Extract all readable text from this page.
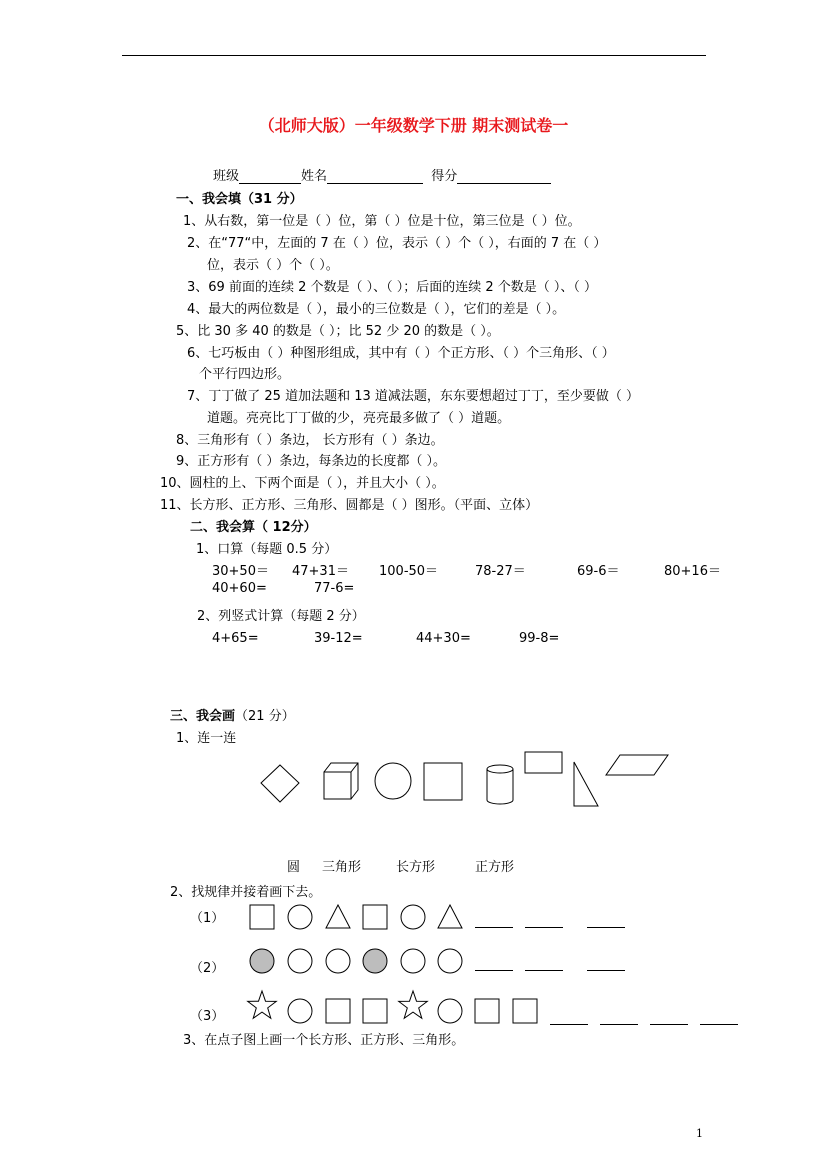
（北师大版）一年级数学下册 期末测试卷一
班级	姓名	得分
一、我会填（31 分）
1、从右数，第一位是（ ）位，第（ ）位是十位，第三位是（ ）位。
2、在“77“中，左面的 7 在（ ）位，表示（ ）个（ ），右面的 7 在（ ）
位，表示（ ）个（ ）。
3、69 前面的连续 2 个数是（ ）、（ ）；后面的连续 2 个数是（ ）、（ ）
4、最大的两位数是（ ），最小的三位数是（ ），它们的差是（ ）。
5、比 30 多 40 的数是（ ）；比 52 少 20 的数是（ ）。
6、七巧板由（ ）种图形组成，其中有（ ）个正方形、（ ）个三角形、（ ）
个平行四边形。
7、丁丁做了 25 道加法题和 13 道减法题，东东要想超过丁丁，至少要做（ ）
道题。亮亮比丁丁做的少，亮亮最多做了（ ）道题。
8、三角形有（ ）条边， 长方形有（ ）条边。
9、正方形有（ ）条边，每条边的长度都（ ）。
10、圆柱的上、下两个面是（ ），并且大小（ ）。
11、长方形、正方形、三角形、圆都是（ ）图形。（平面、立体）
二、我会算（ 12分）
1、口算（每题 0.5 分）
30+50＝ 47+31＝ 100-50＝	78-27＝	69-6＝	80+16＝
40+60=	77-6=
2、列竖式计算（每题 2 分）
4+65=	39-12=	44+30=	99-8=
三、我会画（21 分）
1、连一连
圆 三角形	长方形	正方形
2、找规律并接着画下去。
（1）
（2）
（3）
3、在点子图上画一个长方形、正方形、三角形。
1
